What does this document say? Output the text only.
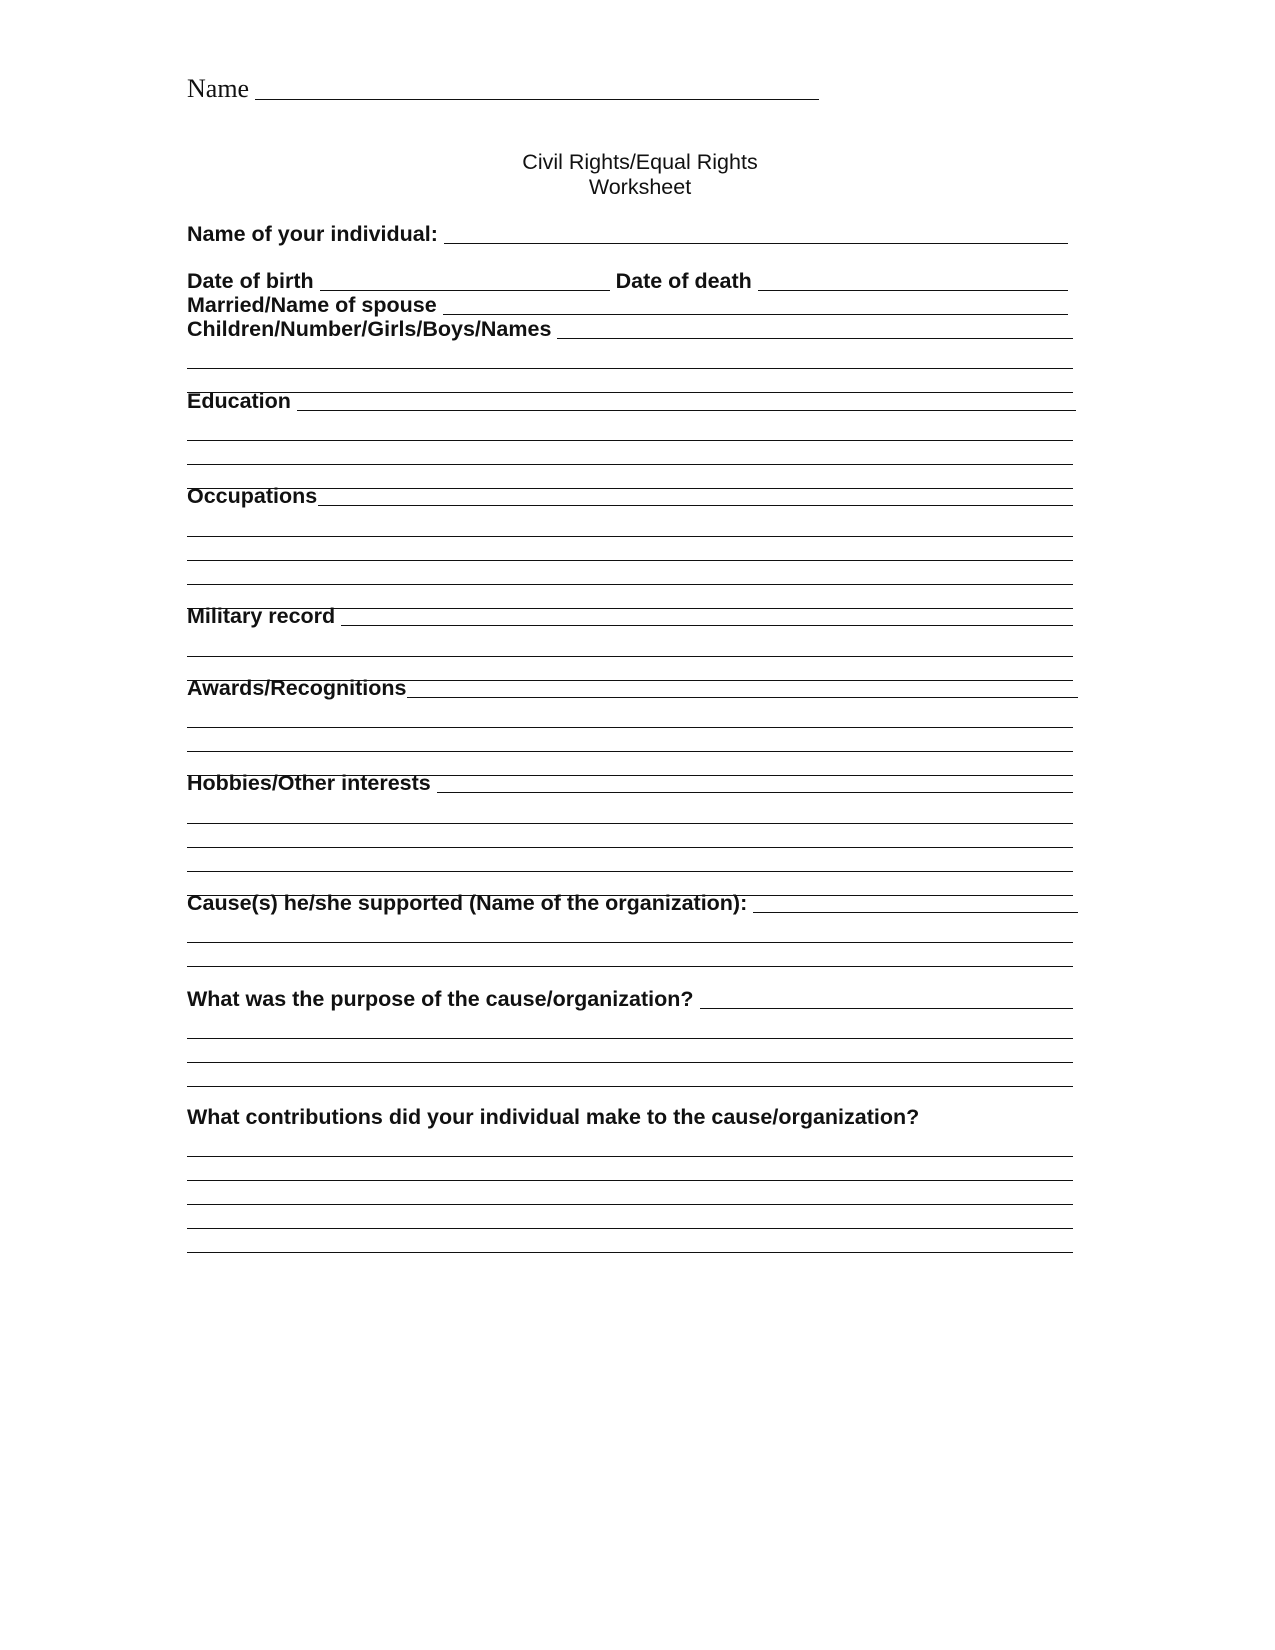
Name
Civil Rights/Equal Rights
Worksheet
Name of your individual:
Date of birth	Date of death
Married/Name of spouse
Children/Number/Girls/Boys/Names
Education
Occupations
Military record
Awards/Recognitions
Hobbies/Other interests
Cause(s) he/she supported (Name of the organization):
What was the purpose of the cause/organization?
What contributions did your individual make to the cause/organization?
